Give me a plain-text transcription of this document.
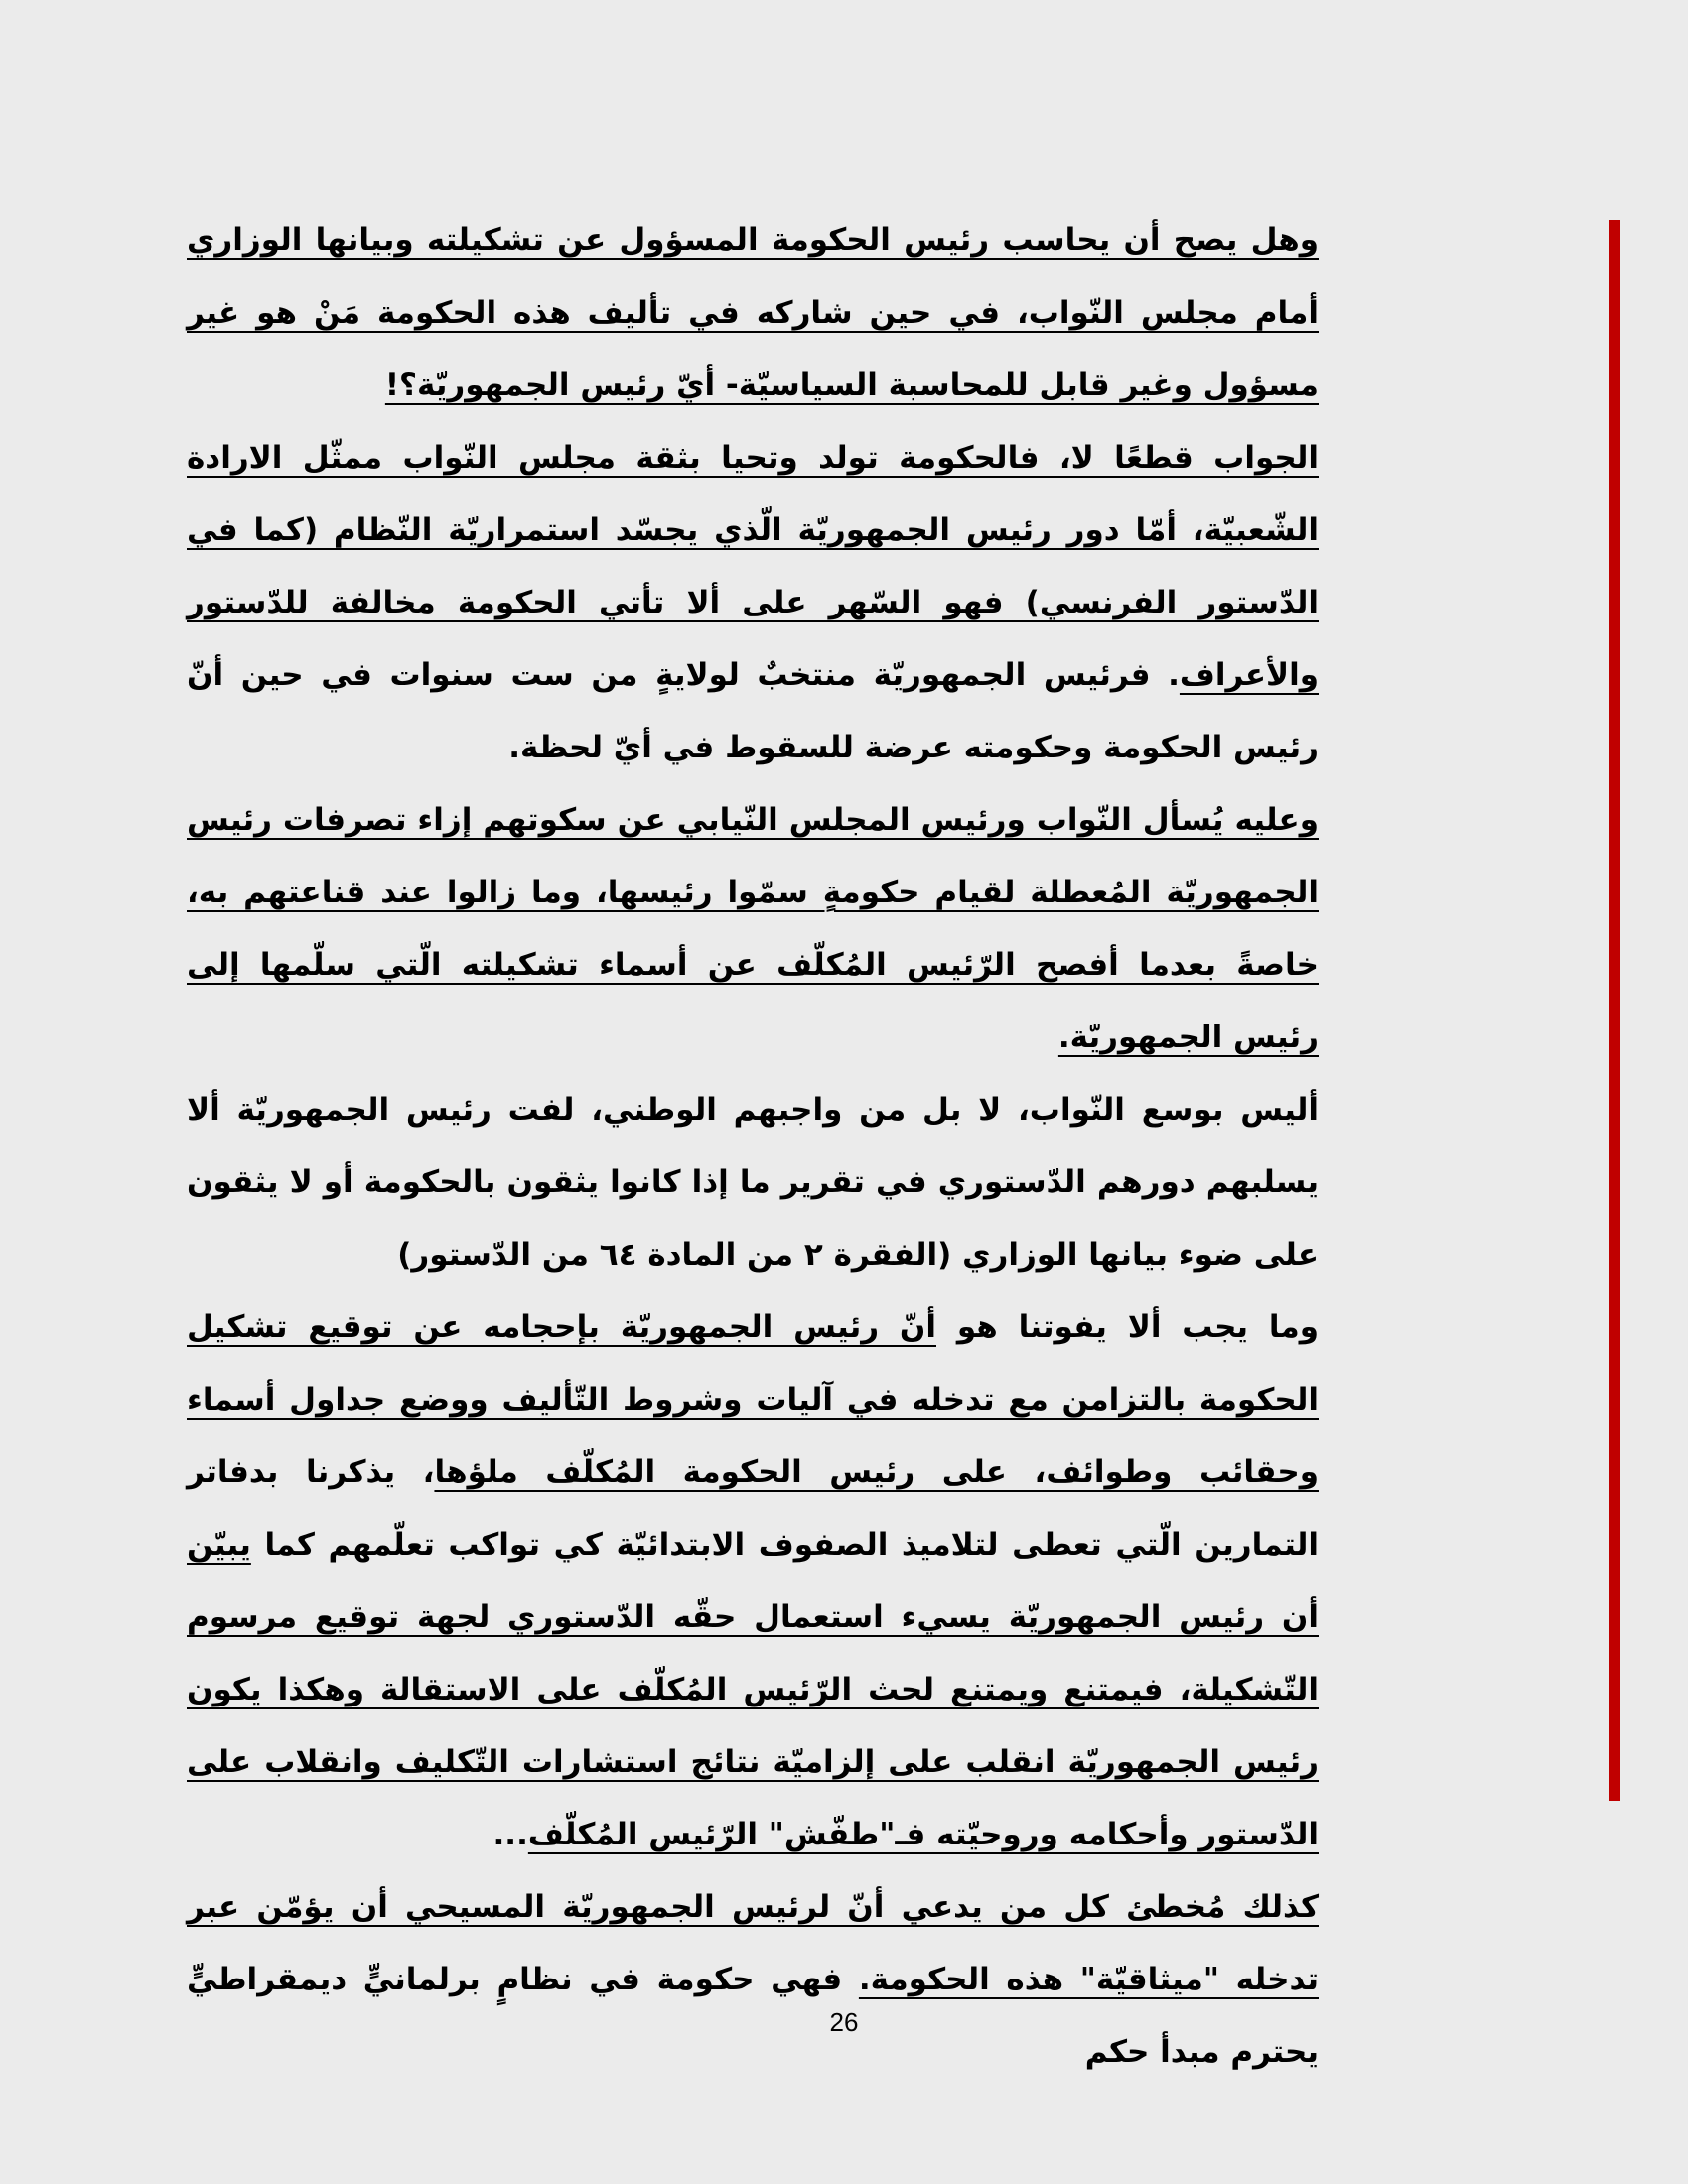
وهل يصح أن يحاسب رئيس الحكومة المسؤول عن تشكيلته وبيانها الوزاري أمام مجلس النّواب، في حين شاركه في تأليف هذه الحكومة مَنْ هو غير مسؤول وغير قابل للمحاسبة السياسيّة- أيّ رئيس الجمهوريّة؟!

الجواب قطعًا لا، فالحكومة تولد وتحيا بثقة مجلس النّواب ممثّل الارادة الشّعبيّة، أمّا دور رئيس الجمهوريّة الّذي يجسّد استمراريّة النّظام (كما في الدّستور الفرنسي) فهو السّهر على ألا تأتي الحكومة مخالفة للدّستور والأعراف. فرئيس الجمهوريّة منتخبٌ لولايةٍ من ست سنوات في حين أنّ رئيس الحكومة وحكومته عرضة للسقوط في أيّ لحظة.

وعليه يُسأل النّواب ورئيس المجلس النّيابي عن سكوتهم إزاء تصرفات رئيس الجمهوريّة المُعطلة لقيام حكومةٍ سمّوا رئيسها، وما زالوا عند قناعتهم به، خاصةً بعدما أفصح الرّئيس المُكلّف عن أسماء تشكيلته الّتي سلّمها إلى رئيس الجمهوريّة.

أليس بوسع النّواب، لا بل من واجبهم الوطني، لفت رئيس الجمهوريّة ألا يسلبهم دورهم الدّستوري في تقرير ما إذا كانوا يثقون بالحكومة أو لا يثقون على ضوء بيانها الوزاري (الفقرة ٢ من المادة ٦٤ من الدّستور)

وما يجب ألا يفوتنا هو أنّ رئيس الجمهوريّة بإحجامه عن توقيع تشكيل الحكومة بالتزامن مع تدخله في آليات وشروط التّأليف ووضع جداول أسماء وحقائب وطوائف، على رئيس الحكومة المُكلّف ملؤها، يذكرنا بدفاتر التمارين الّتي تعطى لتلاميذ الصفوف الابتدائيّة كي تواكب تعلّمهم كما يبيّن أن رئيس الجمهوريّة يسيء استعمال حقّه الدّستوري لجهة توقيع مرسوم التّشكيلة، فيمتنع ويمتنع لحث الرّئيس المُكلّف على الاستقالة وهكذا يكون رئيس الجمهوريّة انقلب على إلزاميّة نتائج استشارات التّكليف وانقلاب على الدّستور وأحكامه وروحيّته فـ"طفّش" الرّئيس المُكلّف...

كذلك مُخطئ كل من يدعي أنّ لرئيس الجمهوريّة المسيحي أن يؤمّن عبر تدخله "ميثاقيّة" هذه الحكومة. فهي حكومة في نظامٍ برلمانيٍّ ديمقراطيٍّ يحترم مبدأ حكم

26
